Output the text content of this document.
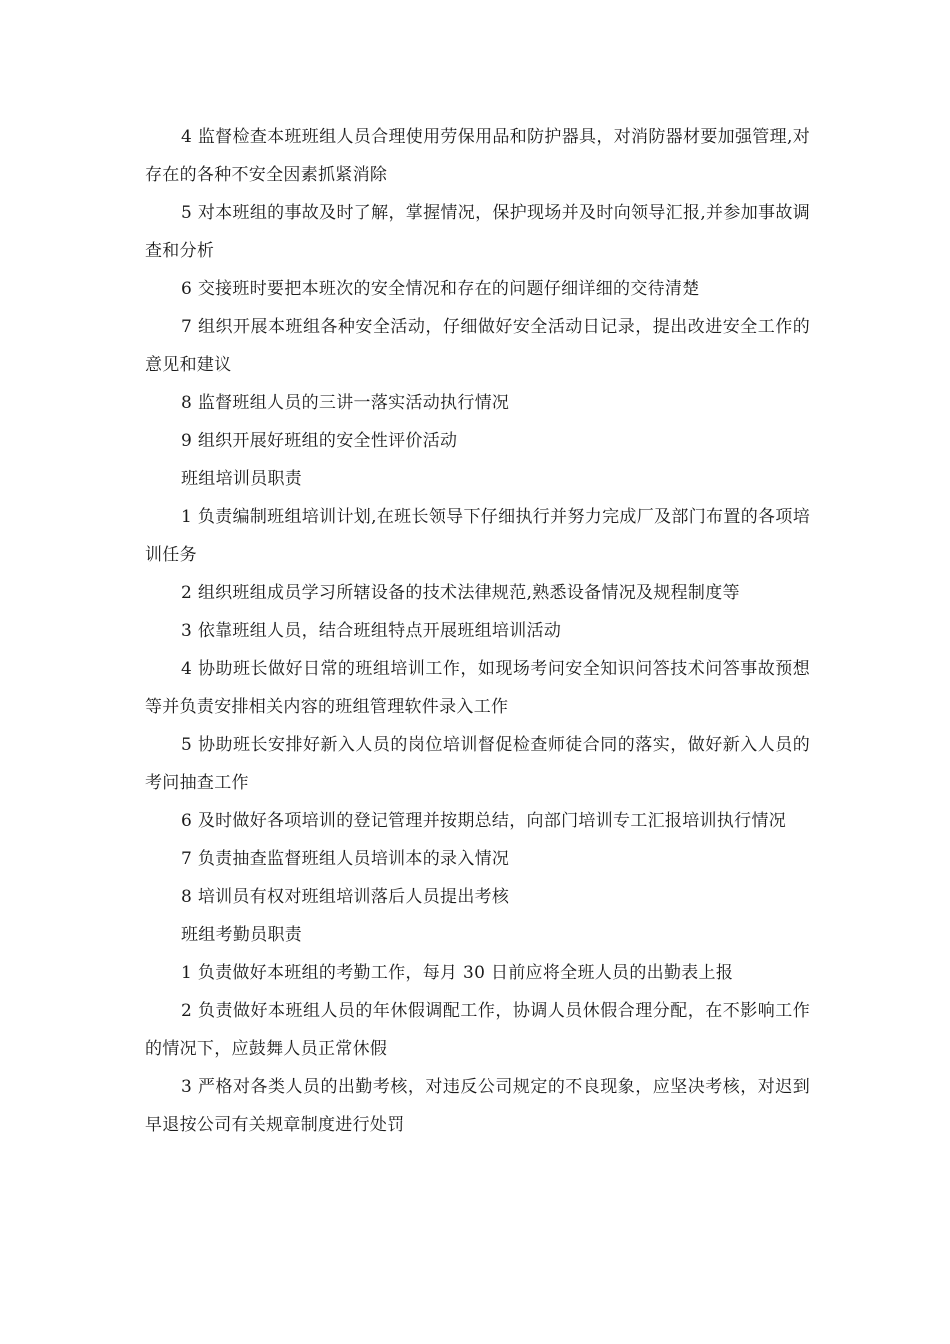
4 监督检查本班班组人员合理使用劳保用品和防护器具，对消防器材要加强管理,对存在的各种不安全因素抓紧消除

5 对本班组的事故及时了解，掌握情况，保护现场并及时向领导汇报,并参加事故调查和分析

6 交接班时要把本班次的安全情况和存在的问题仔细详细的交待清楚

7 组织开展本班组各种安全活动，仔细做好安全活动日记录，提出改进安全工作的意见和建议

8 监督班组人员的三讲一落实活动执行情况

9 组织开展好班组的安全性评价活动

班组培训员职责

1 负责编制班组培训计划,在班长领导下仔细执行并努力完成厂及部门布置的各项培训任务

2 组织班组成员学习所辖设备的技术法律规范,熟悉设备情况及规程制度等

3 依靠班组人员，结合班组特点开展班组培训活动

4 协助班长做好日常的班组培训工作，如现场考问安全知识问答技术问答事故预想等并负责安排相关内容的班组管理软件录入工作

5 协助班长安排好新入人员的岗位培训督促检查师徒合同的落实，做好新入人员的考问抽查工作

6 及时做好各项培训的登记管理并按期总结，向部门培训专工汇报培训执行情况

7 负责抽查监督班组人员培训本的录入情况

8 培训员有权对班组培训落后人员提出考核

班组考勤员职责

1 负责做好本班组的考勤工作，每月 30 日前应将全班人员的出勤表上报

2 负责做好本班组人员的年休假调配工作，协调人员休假合理分配，在不影响工作的情况下，应鼓舞人员正常休假

3 严格对各类人员的出勤考核，对违反公司规定的不良现象，应坚决考核，对迟到早退按公司有关规章制度进行处罚
